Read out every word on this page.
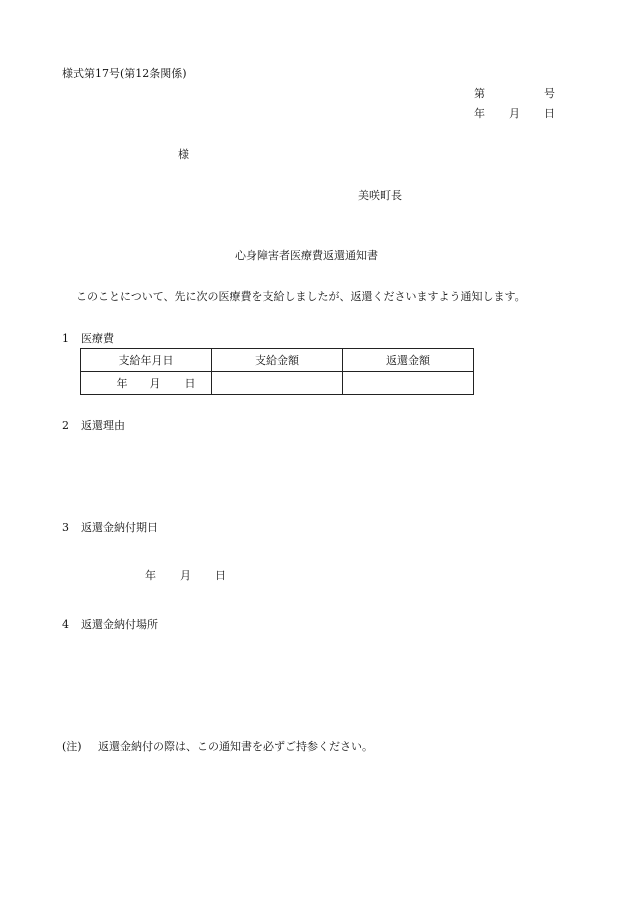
様式第17号(第12条関係)
第	号
年 月 日
様
美咲町長
心身障害者医療費返還通知書
このことについて、先に次の医療費を支給しましたが、返還くださいますよう通知します。
1 医療費
支給年月日	支給金額	返還金額
年 月 日		
2 返還理由
3 返還金納付期日
年 月 日
4 返還金納付場所
(注) 返還金納付の際は、この通知書を必ずご持参ください。
